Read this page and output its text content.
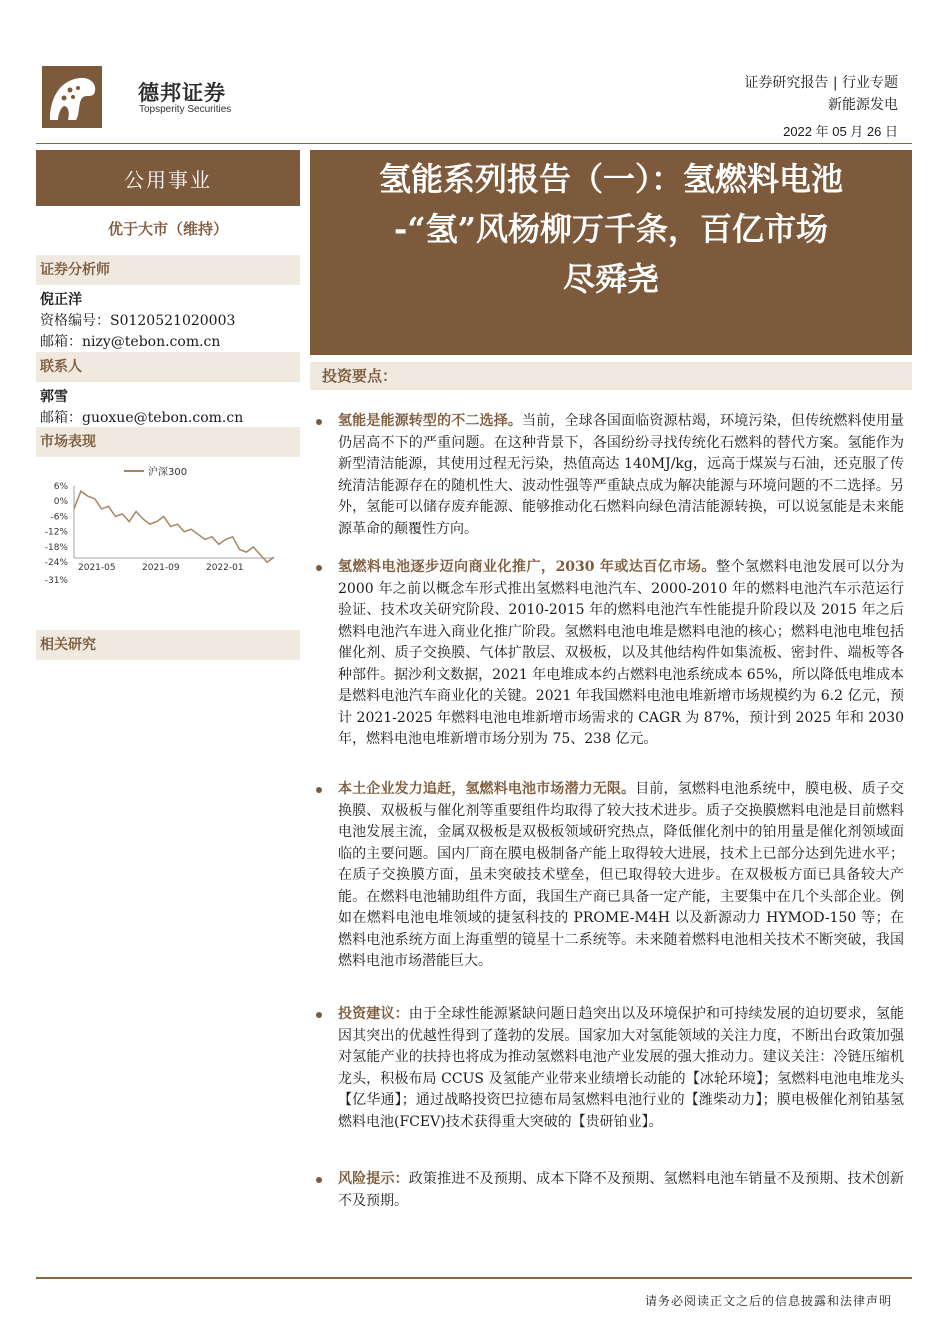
德邦证券
Topsperity Securities
证券研究报告 | 行业专题
新能源发电
2022 年 05 月 26 日
公用事业
优于大市（维持）
证券分析师
倪正洋
资格编号：S0120521020003
邮箱：nizy@tebon.com.cn
联系人
郭雪
邮箱：guoxue@tebon.com.cn
市场表现
沪深300
6%
0%
-6%
-12%
-18%
-24%
-31%
2021-05	2021-09	2022-01
相关研究
氢能系列报告（一）：氢燃料电池
-“氢”风杨柳万千条，百亿市场
尽舜尧
投资要点：
氢能是能源转型的不二选择。当前，全球各国面临资源枯竭，环境污染，但传统燃料使用量仍居高不下的严重问题。在这种背景下，各国纷纷寻找传统化石燃料的替代方案。氢能作为新型清洁能源，其使用过程无污染，热值高达 140MJ/kg，远高于煤炭与石油，还克服了传统清洁能源存在的随机性大、波动性强等严重缺点成为解决能源与环境问题的不二选择。另外，氢能可以储存废弃能源、能够推动化石燃料向绿色清洁能源转换，可以说氢能是未来能源革命的颠覆性方向。
氢燃料电池逐步迈向商业化推广，2030 年或达百亿市场。整个氢燃料电池发展可以分为 2000 年之前以概念车形式推出氢燃料电池汽车、2000-2010 年的燃料电池汽车示范运行验证、技术攻关研究阶段、2010-2015 年的燃料电池汽车性能提升阶段以及 2015 年之后燃料电池汽车进入商业化推广阶段。氢燃料电池电堆是燃料电池的核心；燃料电池电堆包括催化剂、质子交换膜、气体扩散层、双极板，以及其他结构件如集流板、密封件、端板等各种部件。据沙利文数据，2021 年电堆成本约占燃料电池系统成本 65%，所以降低电堆成本是燃料电池汽车商业化的关键。2021 年我国燃料电池电堆新增市场规模约为 6.2 亿元，预计 2021-2025 年燃料电池电堆新增市场需求的 CAGR 为 87%，预计到 2025 年和 2030 年，燃料电池电堆新增市场分别为 75、238 亿元。
本土企业发力追赶，氢燃料电池市场潜力无限。目前，氢燃料电池系统中，膜电极、质子交换膜、双极板与催化剂等重要组件均取得了较大技术进步。质子交换膜燃料电池是目前燃料电池发展主流，金属双极板是双极板领域研究热点，降低催化剂中的铂用量是催化剂领域面临的主要问题。国内厂商在膜电极制备产能上取得较大进展，技术上已部分达到先进水平；在质子交换膜方面，虽未突破技术壁垒，但已取得较大进步。在双极板方面已具备较大产能。在燃料电池辅助组件方面，我国生产商已具备一定产能，主要集中在几个头部企业。例如在燃料电池电堆领域的捷氢科技的 PROME-M4H 以及新源动力 HYMOD-150 等；在燃料电池系统方面上海重塑的镜星十二系统等。未来随着燃料电池相关技术不断突破，我国燃料电池市场潜能巨大。
投资建议：由于全球性能源紧缺问题日趋突出以及环境保护和可持续发展的迫切要求，氢能因其突出的优越性得到了蓬勃的发展。国家加大对氢能领域的关注力度，不断出台政策加强对氢能产业的扶持也将成为推动氢燃料电池产业发展的强大推动力。建议关注：冷链压缩机龙头，积极布局 CCUS 及氢能产业带来业绩增长动能的【冰轮环境】；氢燃料电池电堆龙头【亿华通】；通过战略投资巴拉德布局氢燃料电池行业的【潍柴动力】；膜电极催化剂铂基氢燃料电池(FCEV)技术获得重大突破的【贵研铂业】。
风险提示：政策推进不及预期、成本下降不及预期、氢燃料电池车销量不及预期、技术创新不及预期。
请务必阅读正文之后的信息披露和法律声明
